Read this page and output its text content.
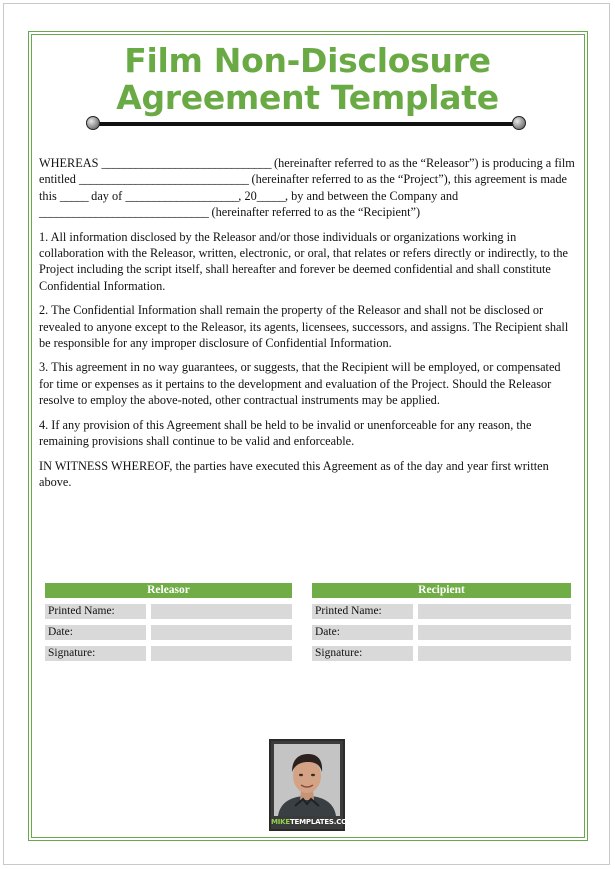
Film Non-Disclosure Agreement Template

WHEREAS ______________________________ (hereinafter referred to as the “Releasor”) is producing a film entitled ______________________________ (hereinafter referred to as the “Project”), this agreement is made this _____ day of ____________________, 20_____, by and between the Company and ______________________________ (hereinafter referred to as the “Recipient”)

1. All information disclosed by the Releasor and/or those individuals or organizations working in collaboration with the Releasor, written, electronic, or oral, that relates or refers directly or indirectly, to the Project including the script itself, shall hereafter and forever be deemed confidential and shall constitute Confidential Information.

2. The Confidential Information shall remain the property of the Releasor and shall not be disclosed or revealed to anyone except to the Releasor, its agents, licensees, successors, and assigns. The Recipient shall be responsible for any improper disclosure of Confidential Information.

3. This agreement in no way guarantees, or suggests, that the Recipient will be employed, or compensated for time or expenses as it pertains to the development and evaluation of the Project. Should the Releasor resolve to employ the above-noted, other contractual instruments may be applied.

4. If any provision of this Agreement shall be held to be invalid or unenforceable for any reason, the remaining provisions shall continue to be valid and enforceable.

IN WITNESS WHEREOF, the parties have executed this Agreement as of the day and year first written above.

Releasor
Printed Name:
Date:
Signature:
Recipient
Printed Name:
Date:
Signature:
MIKETEMPLATES.COM
